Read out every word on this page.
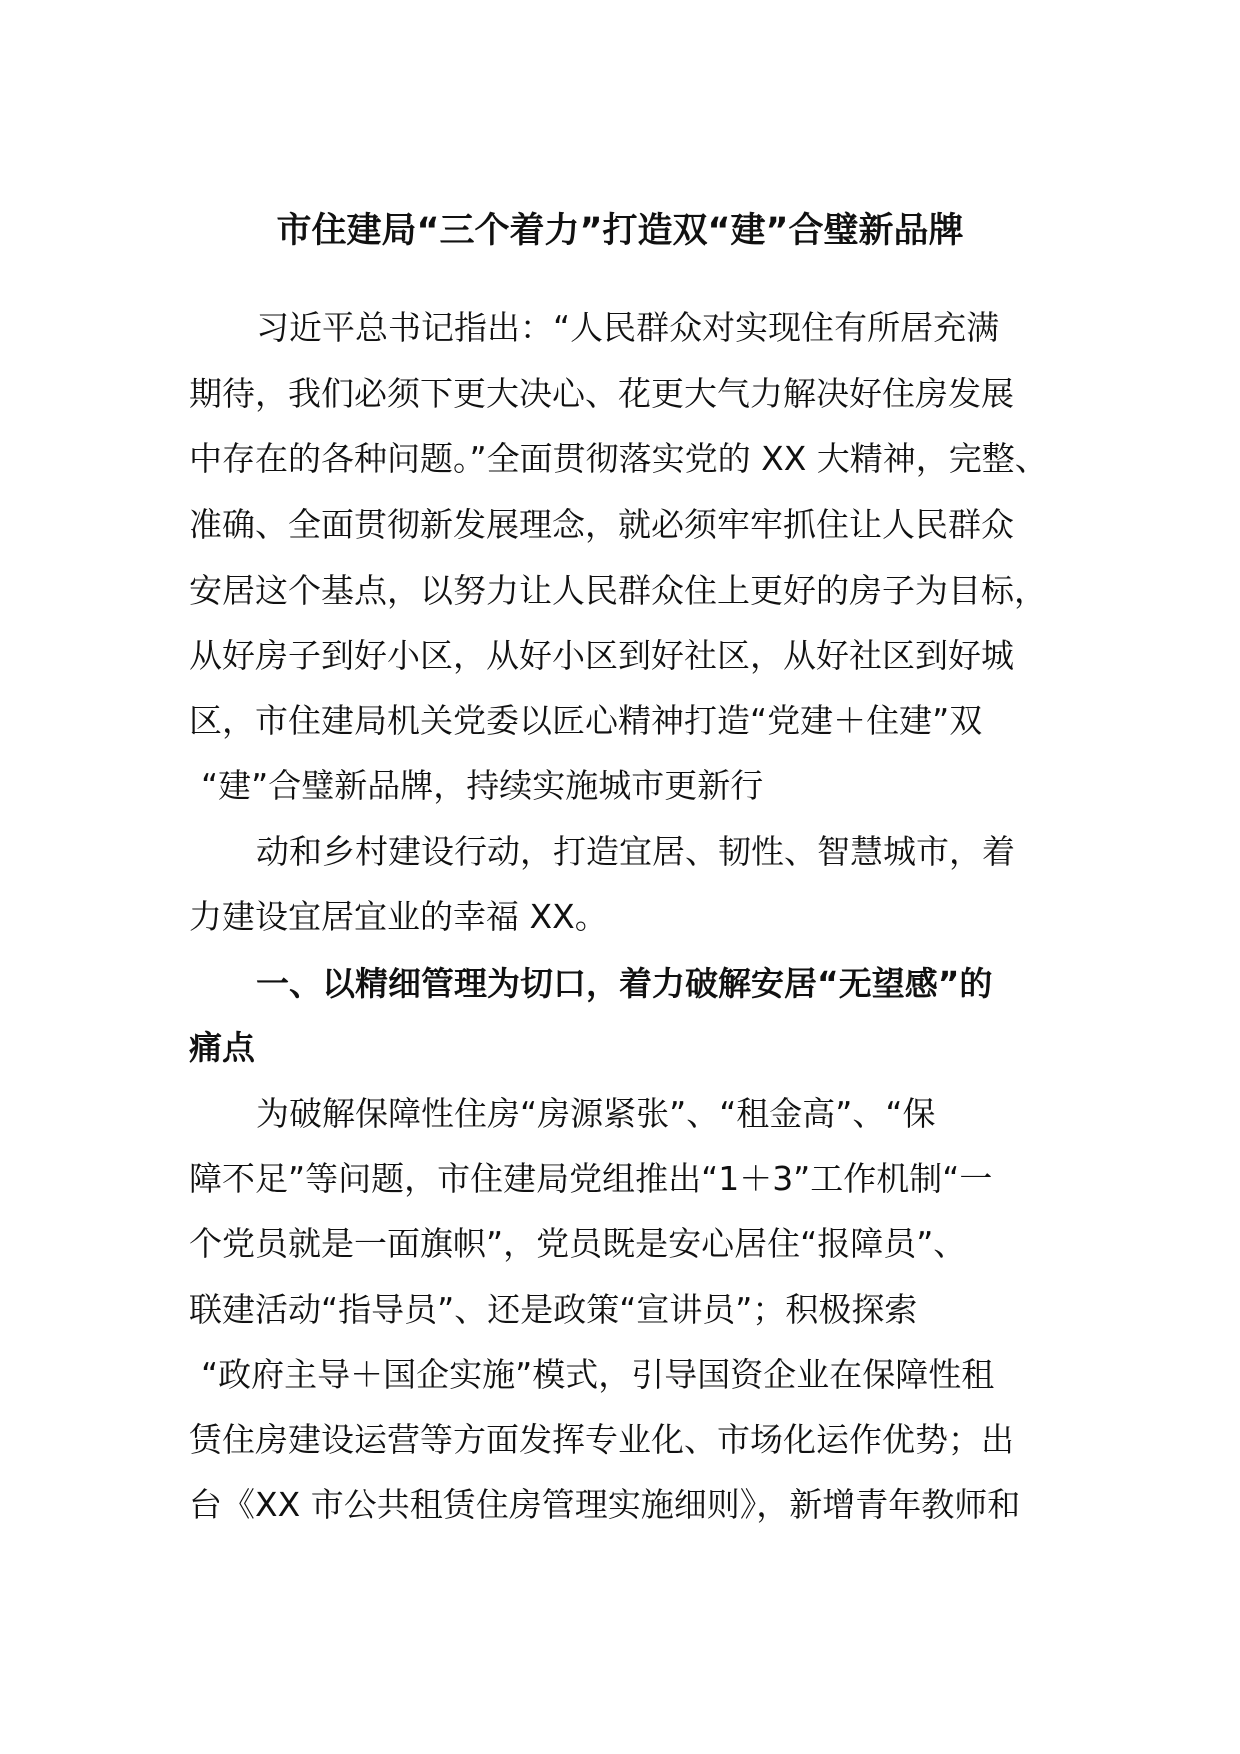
市住建局“三个着力”打造双“建”合璧新品牌
习近平总书记指出：“人民群众对实现住有所居充满
期待，我们必须下更大决心、花更大气力解决好住房发展
中存在的各种问题。”全面贯彻落实党的 XX 大精神，完整、
准确、全面贯彻新发展理念，就必须牢牢抓住让人民群众
安居这个基点，以努力让人民群众住上更好的房子为目标，
从好房子到好小区，从好小区到好社区，从好社区到好城
区，市住建局机关党委以匠心精神打造“党建＋住建”双
“建”合璧新品牌，持续实施城市更新行
动和乡村建设行动，打造宜居、韧性、智慧城市，着
力建设宜居宜业的幸福 XX。
一、以精细管理为切口，着力破解安居“无望感”的
痛点
为破解保障性住房“房源紧张”、“租金高”、“保
障不足”等问题，市住建局党组推出“1＋3”工作机制“一
个党员就是一面旗帜”，党员既是安心居住“报障员”、
联建活动“指导员”、还是政策“宣讲员”；积极探索
“政府主导＋国企实施”模式，引导国资企业在保障性租
赁住房建设运营等方面发挥专业化、市场化运作优势；出
台《XX 市公共租赁住房管理实施细则》，新增青年教师和
